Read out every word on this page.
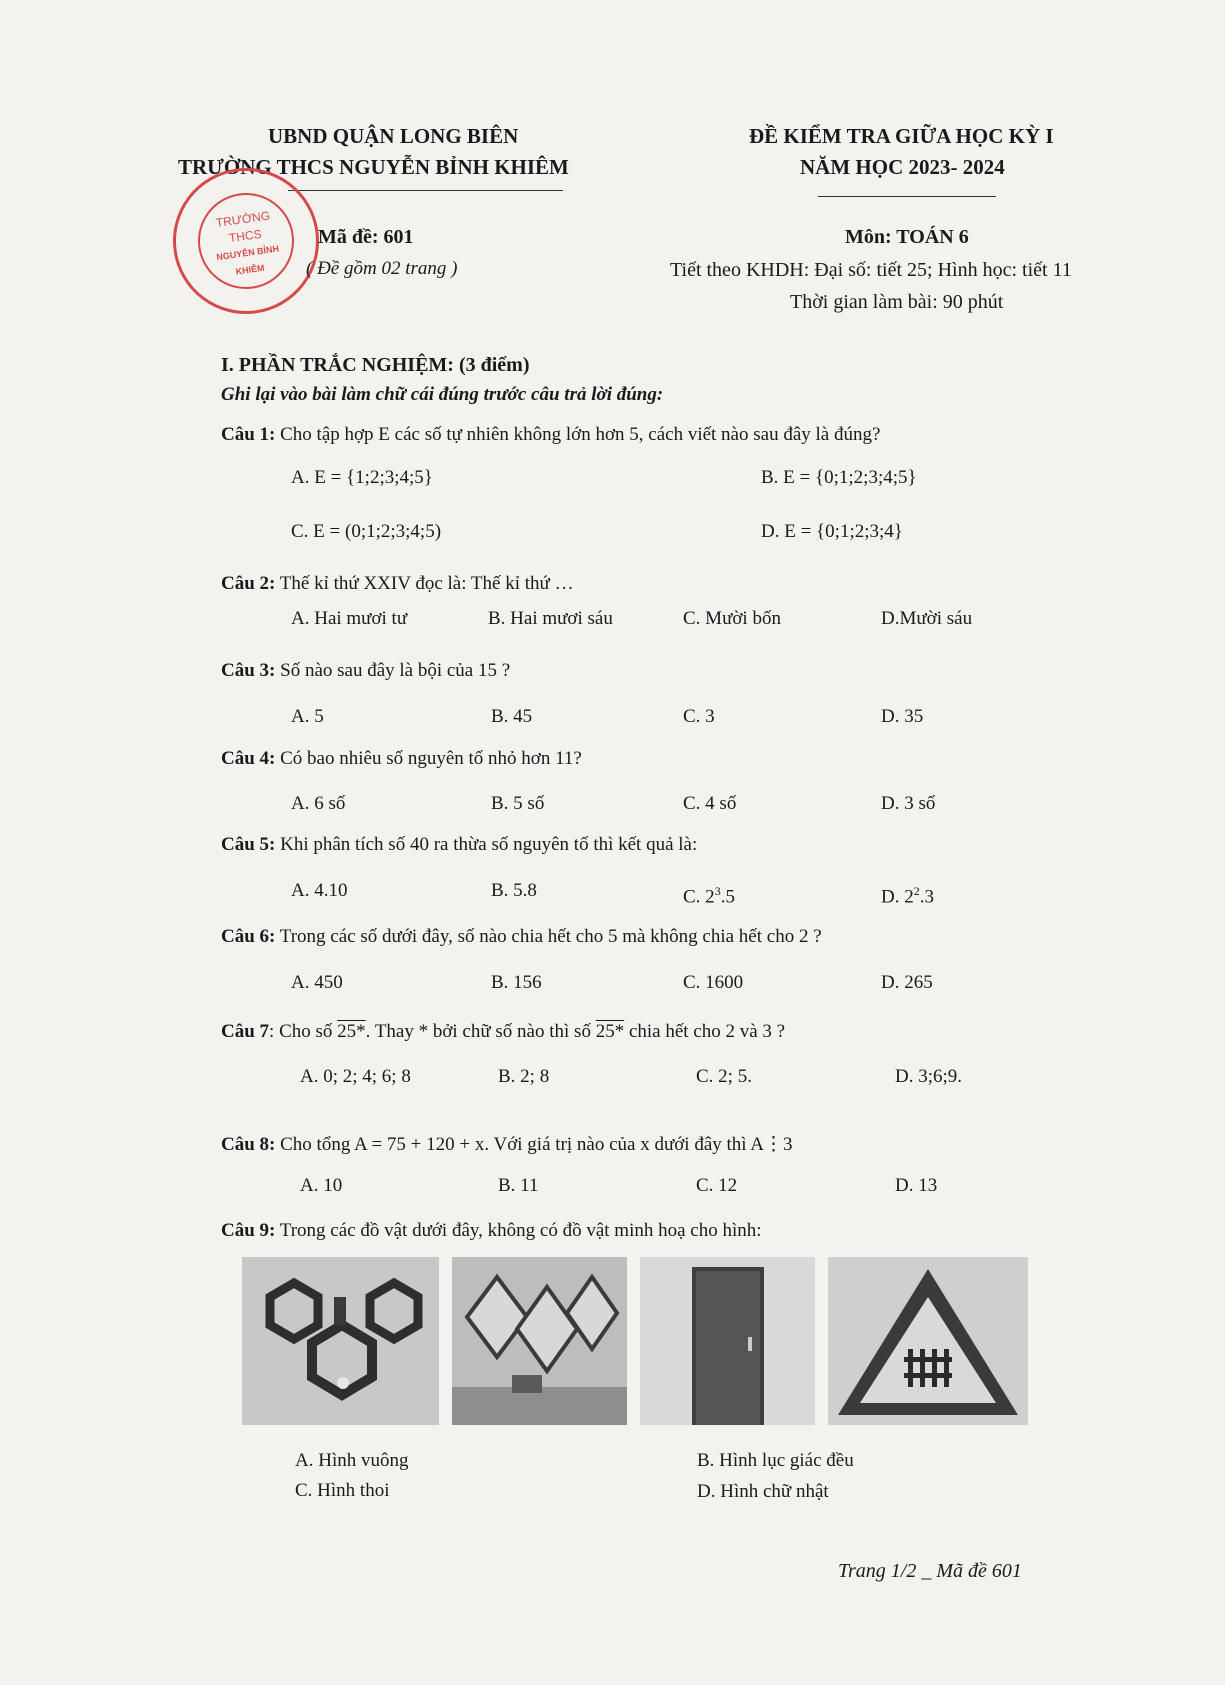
UBND QUẬN LONG BIÊN
TRƯỜNG THCS NGUYỄN BỈNH KHIÊM
ĐỀ KIỂM TRA GIỮA HỌC KỲ I
NĂM HỌC 2023- 2024
TRƯỜNG
THCS
NGUYỄN BỈNH KHIÊM
Mã đề: 601
( Đề gồm 02 trang )
Môn: TOÁN 6
Tiết theo KHDH: Đại số: tiết 25; Hình học: tiết 11
Thời gian làm bài: 90 phút
I. PHẦN TRẮC NGHIỆM: (3 điểm)
Ghi lại vào bài làm chữ cái đúng trước câu trả lời đúng:
Câu 1: Cho tập hợp E các số tự nhiên không lớn hơn 5, cách viết nào sau đây là đúng?
A. E = {1;2;3;4;5}	B. E = {0;1;2;3;4;5}
C. E = (0;1;2;3;4;5)	D. E = {0;1;2;3;4}
Câu 2: Thế kỉ thứ XXIV đọc là: Thế kỉ thứ …
A. Hai mươi tư	B. Hai mươi sáu	C. Mười bốn	D.Mười sáu
Câu 3: Số nào sau đây là bội của 15 ?
A. 5	B. 45	C. 3	D. 35
Câu 4: Có bao nhiêu số nguyên tố nhỏ hơn 11?
A. 6 số	B. 5 số	C. 4 số	D. 3 số
Câu 5: Khi phân tích số 40 ra thừa số nguyên tố thì kết quả là:
A. 4.10	B. 5.8	C. $2^3.5$	D. $2^2.3$
Câu 6: Trong các số dưới đây, số nào chia hết cho 5 mà không chia hết cho 2 ?
A. 450	B. 156	C. 1600	D. 265
Câu 7: Cho số 25*. Thay * bởi chữ số nào thì số 25* chia hết cho 2 và 3 ?
A. 0; 2; 4; 6; 8	B. 2; 8	C. 2; 5.	D. 3;6;9.
Câu 8: Cho tổng A = 75 + 120 + x. Với giá trị nào của x dưới đây thì A⋮3
A. 10	B. 11	C. 12	D. 13
Câu 9: Trong các đồ vật dưới đây, không có đồ vật minh hoạ cho hình:
A. Hình vuông	B. Hình lục giác đều
C. Hình thoi	D. Hình chữ nhật
Trang 1/2 _ Mã đề 601
